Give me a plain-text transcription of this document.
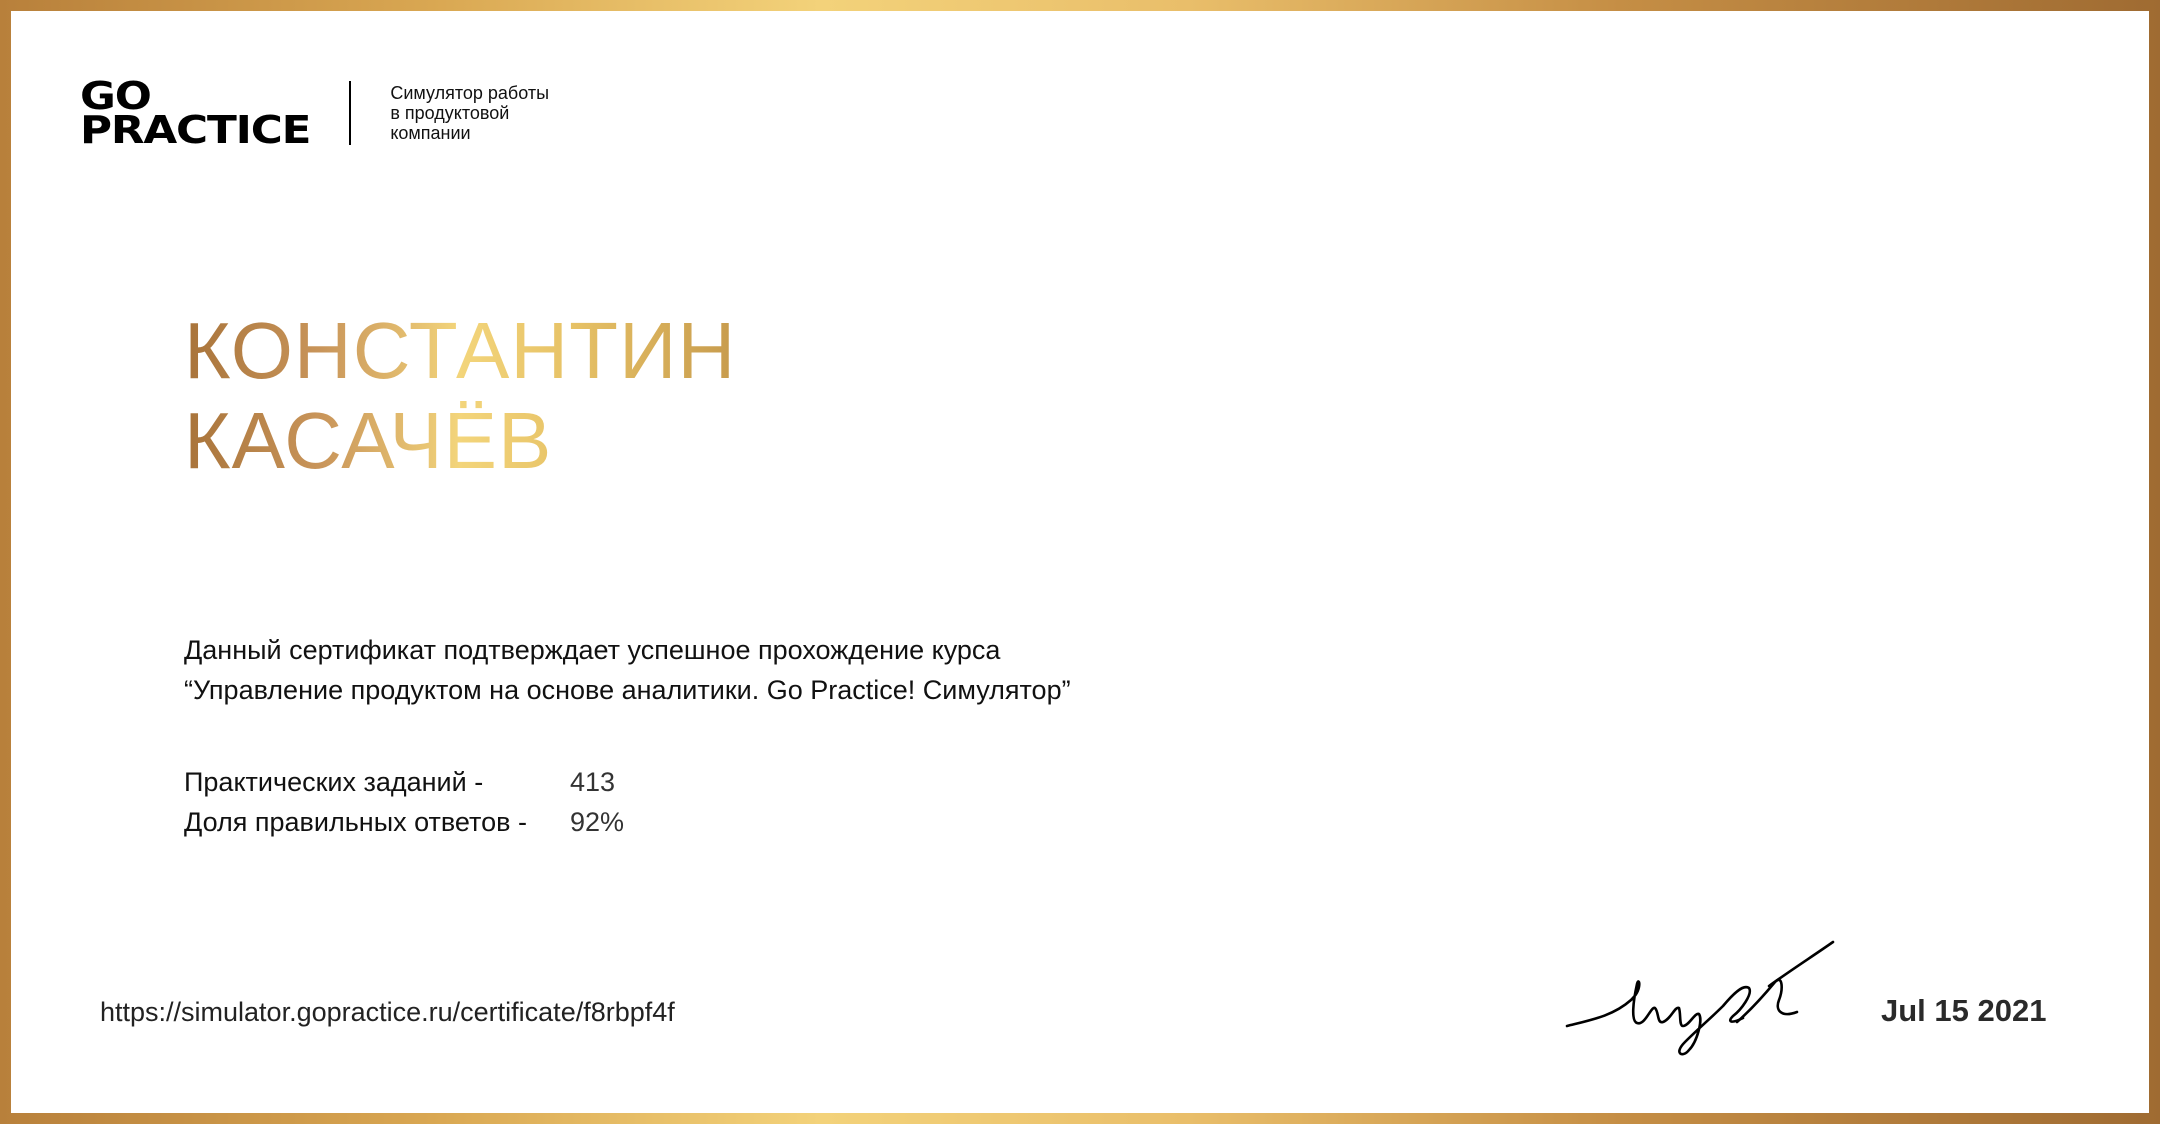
GO
PRACTICE
Симулятор работы
в продуктовой
компании
КОНСТАНТИН
КАСАЧЁВ
Данный сертификат подтверждает успешное прохождение курса
“Управление продуктом на основе аналитики. Go Practice! Симулятор”
Практических заданий -	413
Доля правильных ответов -	92%
https://simulator.gopractice.ru/certificate/f8rbpf4f	Jul 15 2021
